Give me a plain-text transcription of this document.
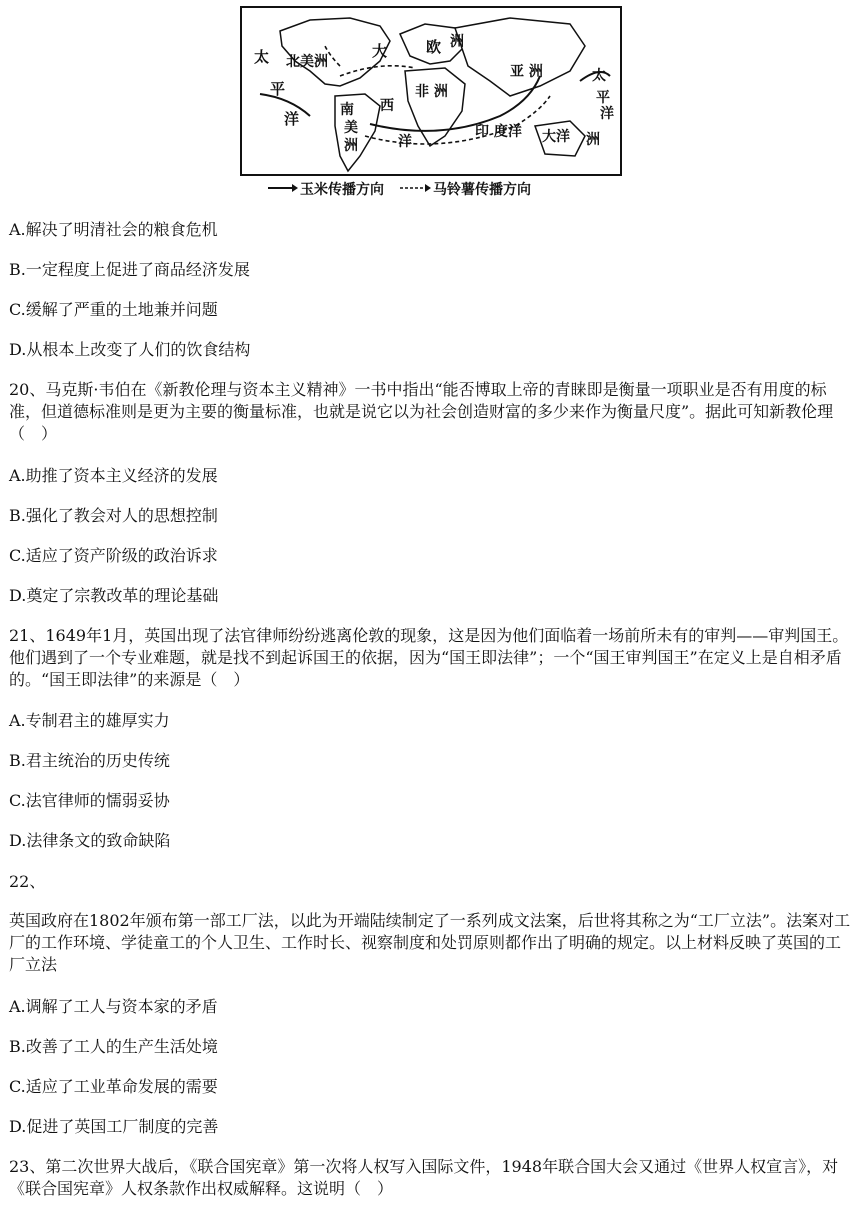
太
平
洋
北美洲
大	欧 洲
亚 洲
非 洲
南
美
洲
西
洋
印 度洋 大洋
太
平
洋
洲
玉米传播方向	马铃薯传播方向
A.解决了明清社会的粮食危机
B.一定程度上促进了商品经济发展
C.缓解了严重的土地兼并问题
D.从根本上改变了人们的饮食结构
20、马克斯·韦伯在《新教伦理与资本主义精神》一书中指出“能否博取上帝的青睐即是衡量一项职业是否有用度的标准，但道德标准则是更为主要的衡量标准，也就是说它以为社会创造财富的多少来作为衡量尺度”。据此可知新教伦理（　）
A.助推了资本主义经济的发展
B.强化了教会对人的思想控制
C.适应了资产阶级的政治诉求
D.奠定了宗教改革的理论基础
21、1649年1月，英国出现了法官律师纷纷逃离伦敦的现象，这是因为他们面临着一场前所未有的审判——审判国王。他们遇到了一个专业难题，就是找不到起诉国王的依据，因为“国王即法律”；一个“国王审判国王”在定义上是自相矛盾的。“国王即法律”的来源是（　）
A.专制君主的雄厚实力
B.君主统治的历史传统
C.法官律师的懦弱妥协
D.法律条文的致命缺陷
22、
英国政府在1802年颁布第一部工厂法，以此为开端陆续制定了一系列成文法案，后世将其称之为“工厂立法”。法案对工厂的工作环境、学徒童工的个人卫生、工作时长、视察制度和处罚原则都作出了明确的规定。以上材料反映了英国的工厂立法
A.调解了工人与资本家的矛盾
B.改善了工人的生产生活处境
C.适应了工业革命发展的需要
D.促进了英国工厂制度的完善
23、第二次世界大战后，《联合国宪章》第一次将人权写入国际文件，1948年联合国大会又通过《世界人权宣言》，对《联合国宪章》人权条款作出权威解释。这说明（　）
